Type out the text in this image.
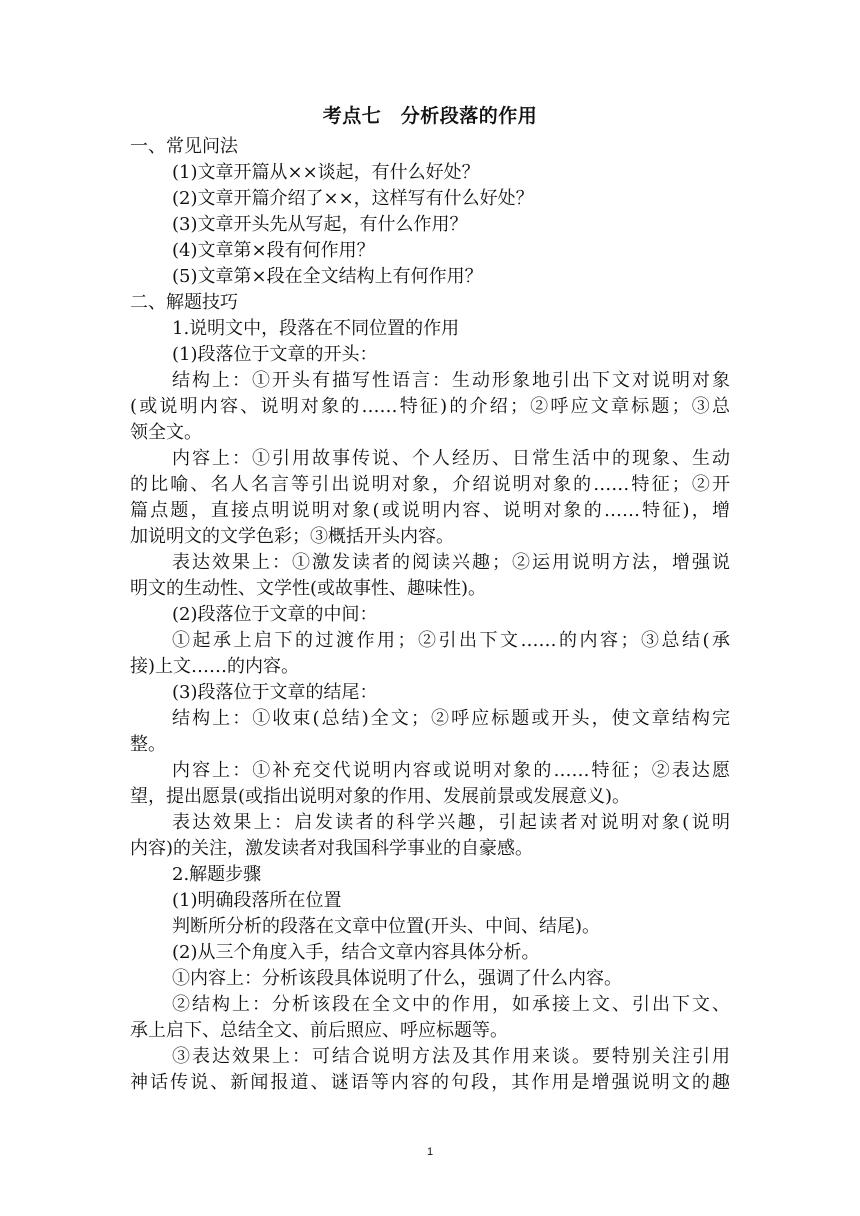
考点七　分析段落的作用
一、常见问法
(1)文章开篇从××谈起，有什么好处？
(2)文章开篇介绍了××，这样写有什么好处？
(3)文章开头先从写起，有什么作用？
(4)文章第×段有何作用？
(5)文章第×段在全文结构上有何作用？
二、解题技巧
1.说明文中，段落在不同位置的作用
(1)段落位于文章的开头：
结构上：①开头有描写性语言：生动形象地引出下文对说明对象
(或说明内容、说明对象的……特征)的介绍；②呼应文章标题；③总
领全文。
内容上：①引用故事传说、个人经历、日常生活中的现象、生动
的比喻、名人名言等引出说明对象，介绍说明对象的……特征；②开
篇点题，直接点明说明对象(或说明内容、说明对象的……特征)，增
加说明文的文学色彩；③概括开头内容。
表达效果上：①激发读者的阅读兴趣；②运用说明方法，增强说
明文的生动性、文学性(或故事性、趣味性)。
(2)段落位于文章的中间：
①起承上启下的过渡作用；②引出下文……的内容；③总结(承
接)上文……的内容。
(3)段落位于文章的结尾：
结构上：①收束(总结)全文；②呼应标题或开头，使文章结构完
整。
内容上：①补充交代说明内容或说明对象的……特征；②表达愿
望，提出愿景(或指出说明对象的作用、发展前景或发展意义)。
表达效果上：启发读者的科学兴趣，引起读者对说明对象(说明
内容)的关注，激发读者对我国科学事业的自豪感。
2.解题步骤
(1)明确段落所在位置
判断所分析的段落在文章中位置(开头、中间、结尾)。
(2)从三个角度入手，结合文章内容具体分析。
①内容上：分析该段具体说明了什么，强调了什么内容。
②结构上：分析该段在全文中的作用，如承接上文、引出下文、
承上启下、总结全文、前后照应、呼应标题等。
③表达效果上：可结合说明方法及其作用来谈。要特别关注引用
神话传说、新闻报道、谜语等内容的句段，其作用是增强说明文的趣
1
